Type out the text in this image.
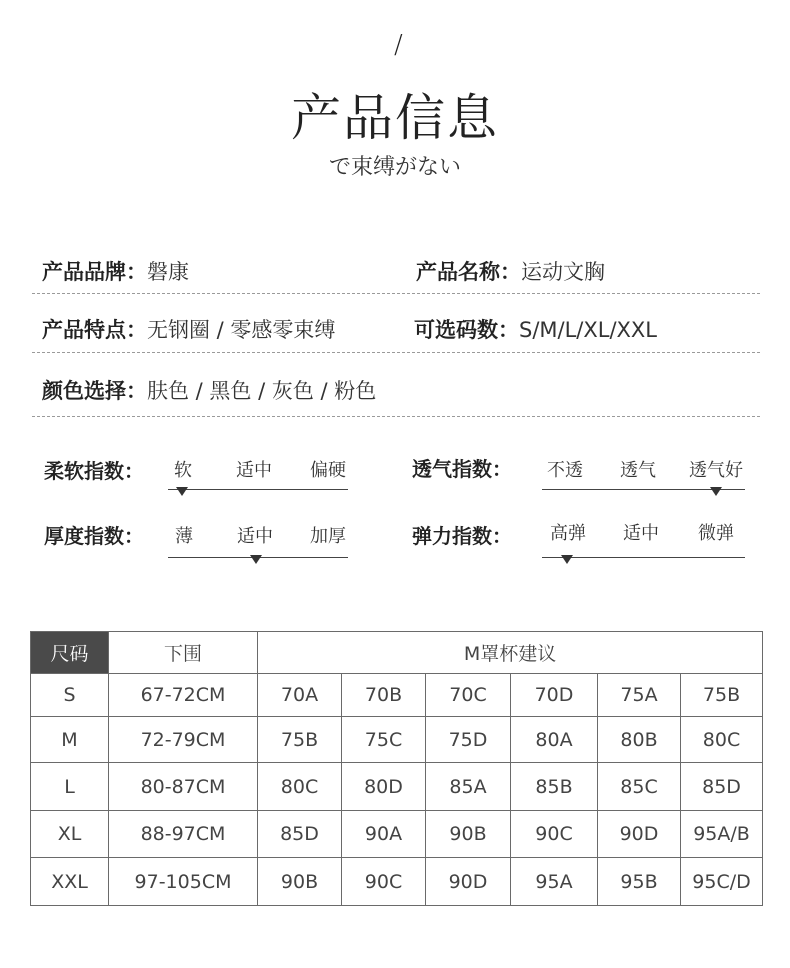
/
产品信息
で束缚がない
产品品牌：磐康	产品名称：运动文胸
产品特点：无钢圈 / 零感零束缚	可选码数：S/M/L/XL/XXL
颜色选择：肤色 / 黑色 / 灰色 / 粉色
柔软指数：	软	适中	偏硬	透气指数：	不透	透气	透气好
厚度指数：	薄	适中	加厚	弹力指数：	高弹	适中	微弹
尺码	下围	M罩杯建议					
S	67-72CM	70A	70B	70C	70D	75A	75B
M	72-79CM	75B	75C	75D	80A	80B	80C
L	80-87CM	80C	80D	85A	85B	85C	85D
XL	88-97CM	85D	90A	90B	90C	90D	95A/B
XXL	97-105CM	90B	90C	90D	95A	95B	95C/D
